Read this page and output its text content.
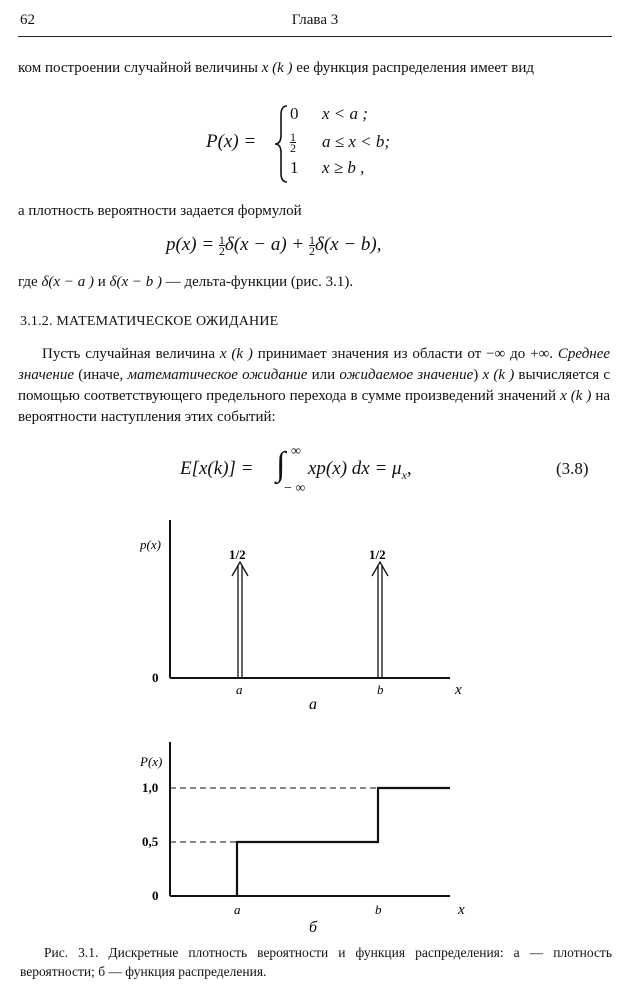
62	Глава 3
ком построении случайной величины x (k ) ее функция распределения имеет вид
P(x) =
0 x < a ;
$\frac{1}{2}$ a ≤ x < b;
1 x ≥ b ,
а плотность вероятности задается формулой
$p(x) = \frac{1}{2} \delta(x - a) + \frac{1}{2} \delta(x - b)$,
где δ(x − a ) и δ(x − b ) — дельта-функции (рис. 3.1).
3.1.2. МАТЕМАТИЧЕСКОЕ ОЖИДАНИЕ
Пусть случайная величина x (k ) принимает значения из области от −∞ до +∞. Среднее значение (иначе, математическое ожидание или ожидаемое значение) x (k ) вычисляется с помощью соответствующего предельного перехода в сумме произведений значений x (k ) на вероятности наступления этих событий:
E[x(k)] = ∫ ∞
− ∞
xp(x) dx = $\mu_x$,	(3.8)
p(x)
0
1/2	1/2
a	b	x
a
P(x)
1,0
0,5
0
a	b	x
б
Рис. 3.1. Дискретные плотность вероятности и функция распределения: а — плотность вероятности; б — функция распределения.
